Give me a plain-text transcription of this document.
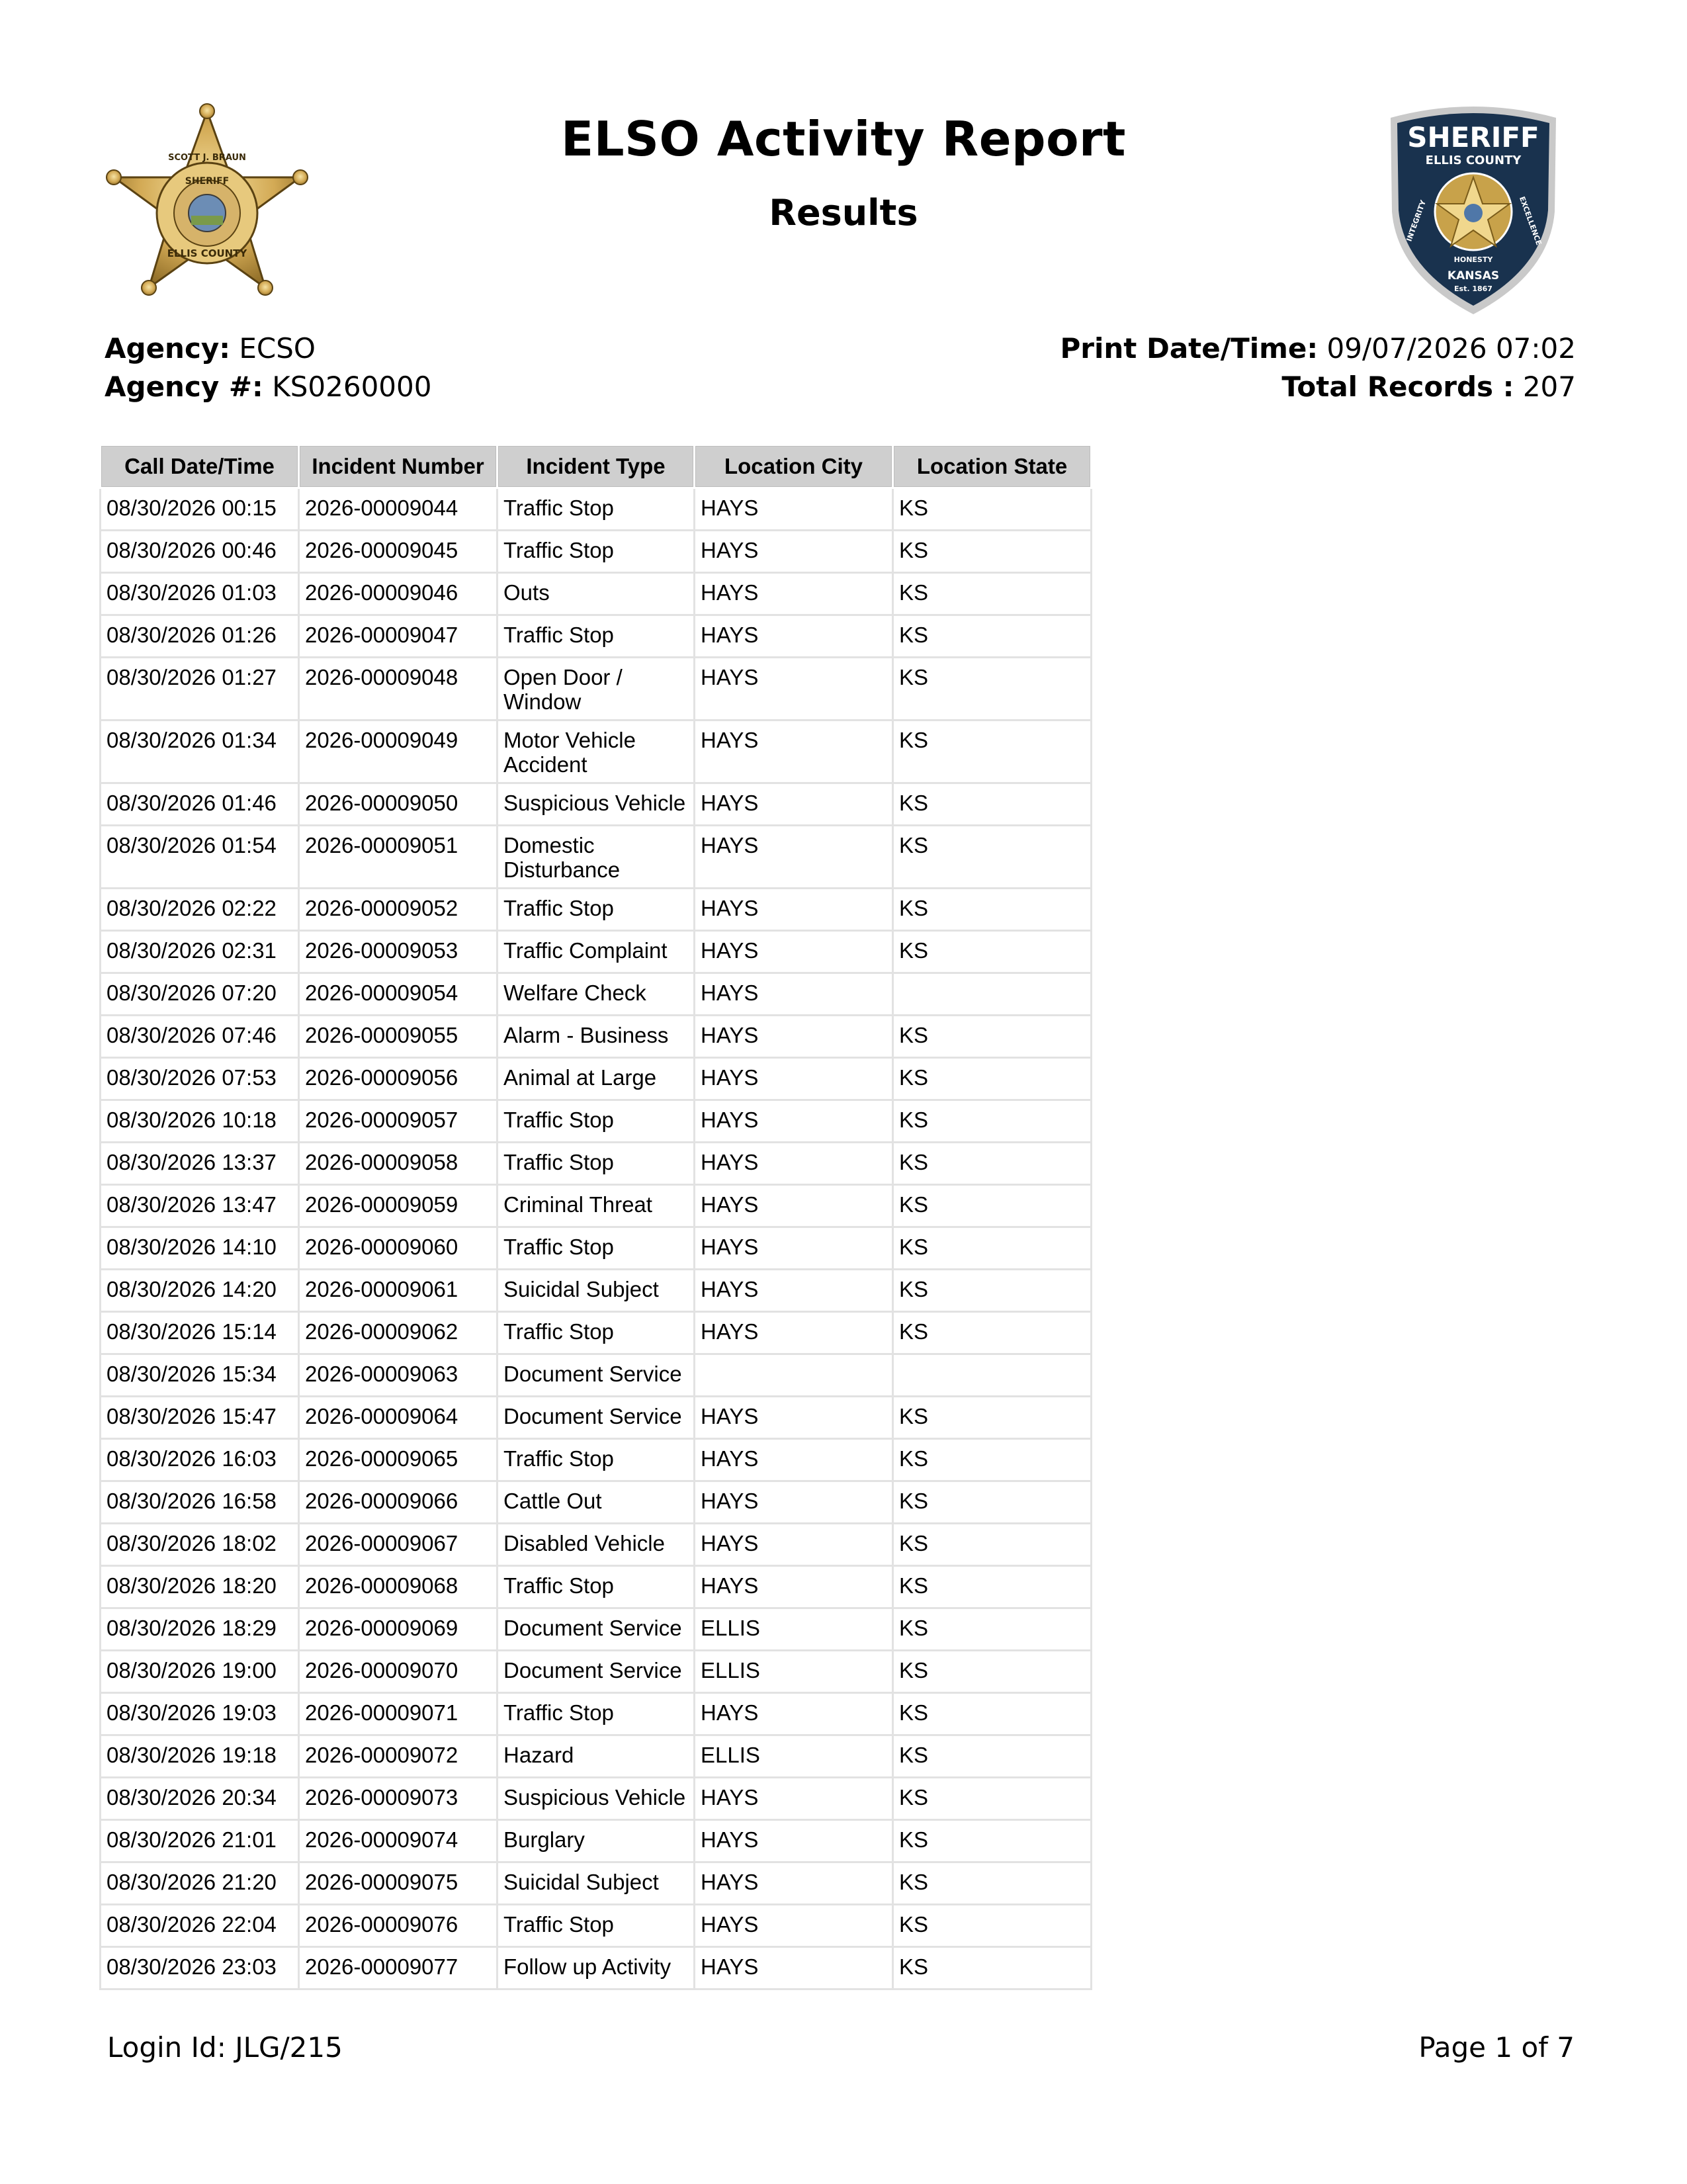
SCOTT J. BRAUN
SHERIFF
ELLIS COUNTY
SHERIFF
ELLIS COUNTY
INTEGRITY	EXCELLENCE
HONESTY
KANSAS
Est. 1867
ELSO Activity Report
Results
Agency: ECSO
Agency #: KS0260000
Print Date/Time: 09/07/2026 07:02
Total Records : 207
Call Date/Time	Incident Number	Incident Type	Location City	Location State
08/30/2026 00:15	2026-00009044	Traffic Stop	HAYS	KS
08/30/2026 00:46	2026-00009045	Traffic Stop	HAYS	KS
08/30/2026 01:03	2026-00009046	Outs	HAYS	KS
08/30/2026 01:26	2026-00009047	Traffic Stop	HAYS	KS
08/30/2026 01:27	2026-00009048	Open Door / Window	HAYS	KS
08/30/2026 01:34	2026-00009049	Motor Vehicle Accident	HAYS	KS
08/30/2026 01:46	2026-00009050	Suspicious Vehicle	HAYS	KS
08/30/2026 01:54	2026-00009051	Domestic Disturbance	HAYS	KS
08/30/2026 02:22	2026-00009052	Traffic Stop	HAYS	KS
08/30/2026 02:31	2026-00009053	Traffic Complaint	HAYS	KS
08/30/2026 07:20	2026-00009054	Welfare Check	HAYS	
08/30/2026 07:46	2026-00009055	Alarm - Business	HAYS	KS
08/30/2026 07:53	2026-00009056	Animal at Large	HAYS	KS
08/30/2026 10:18	2026-00009057	Traffic Stop	HAYS	KS
08/30/2026 13:37	2026-00009058	Traffic Stop	HAYS	KS
08/30/2026 13:47	2026-00009059	Criminal Threat	HAYS	KS
08/30/2026 14:10	2026-00009060	Traffic Stop	HAYS	KS
08/30/2026 14:20	2026-00009061	Suicidal Subject	HAYS	KS
08/30/2026 15:14	2026-00009062	Traffic Stop	HAYS	KS
08/30/2026 15:34	2026-00009063	Document Service		
08/30/2026 15:47	2026-00009064	Document Service	HAYS	KS
08/30/2026 16:03	2026-00009065	Traffic Stop	HAYS	KS
08/30/2026 16:58	2026-00009066	Cattle Out	HAYS	KS
08/30/2026 18:02	2026-00009067	Disabled Vehicle	HAYS	KS
08/30/2026 18:20	2026-00009068	Traffic Stop	HAYS	KS
08/30/2026 18:29	2026-00009069	Document Service	ELLIS	KS
08/30/2026 19:00	2026-00009070	Document Service	ELLIS	KS
08/30/2026 19:03	2026-00009071	Traffic Stop	HAYS	KS
08/30/2026 19:18	2026-00009072	Hazard	ELLIS	KS
08/30/2026 20:34	2026-00009073	Suspicious Vehicle	HAYS	KS
08/30/2026 21:01	2026-00009074	Burglary	HAYS	KS
08/30/2026 21:20	2026-00009075	Suicidal Subject	HAYS	KS
08/30/2026 22:04	2026-00009076	Traffic Stop	HAYS	KS
08/30/2026 23:03	2026-00009077	Follow up Activity	HAYS	KS
Login Id: JLG/215	Page 1 of 7
